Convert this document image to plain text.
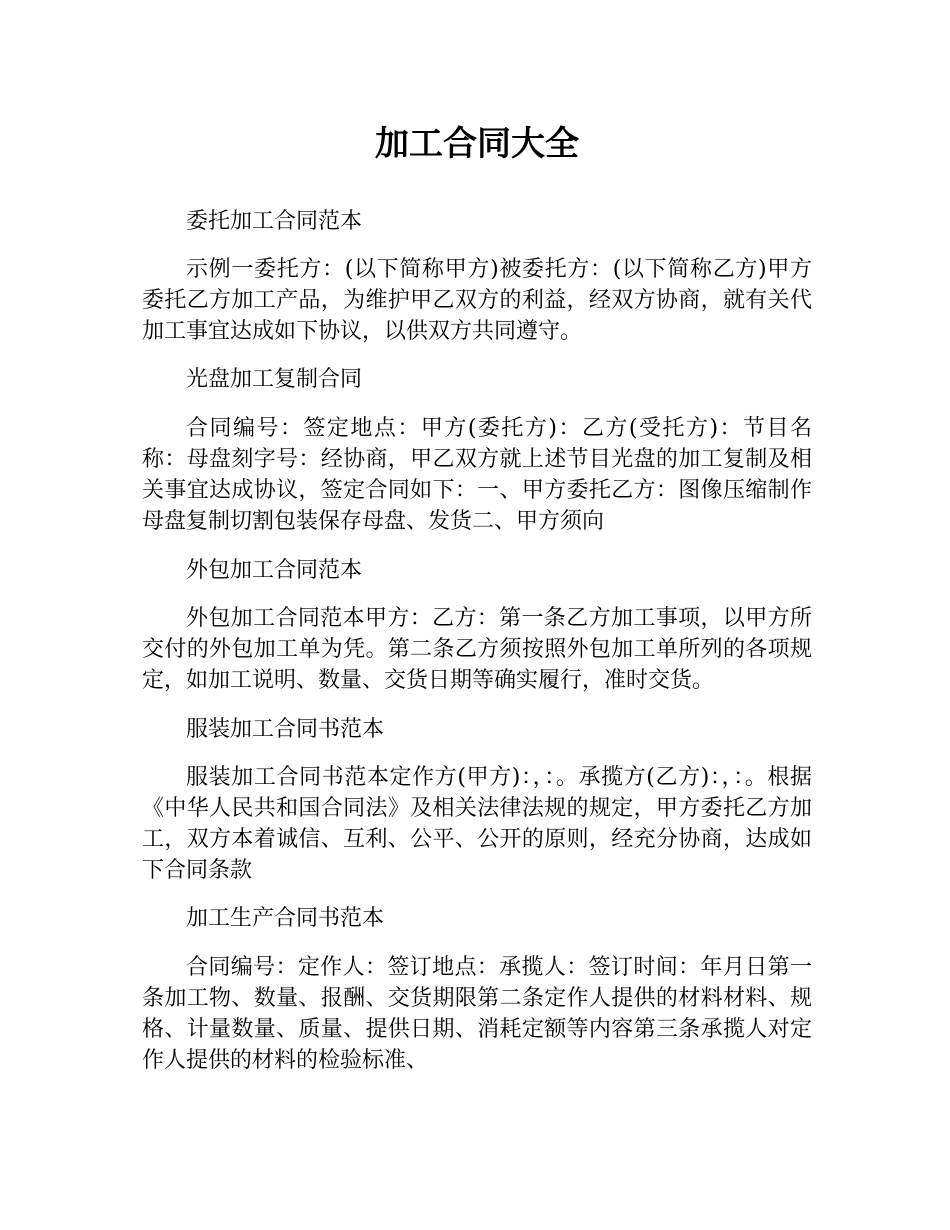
加工合同大全

委托加工合同范本

示例一委托方：(以下简称甲方)被委托方：(以下简称乙方)甲方委托乙方加工产品，为维护甲乙双方的利益，经双方协商，就有关代加工事宜达成如下协议，以供双方共同遵守。

光盘加工复制合同

合同编号：签定地点：甲方(委托方)：乙方(受托方)：节目名称：母盘刻字号：经协商，甲乙双方就上述节目光盘的加工复制及相关事宜达成协议，签定合同如下：一、甲方委托乙方：图像压缩制作母盘复制切割包装保存母盘、发货二、甲方须向

外包加工合同范本

外包加工合同范本甲方：乙方：第一条乙方加工事项，以甲方所交付的外包加工单为凭。第二条乙方须按照外包加工单所列的各项规定，如加工说明、数量、交货日期等确实履行，准时交货。

服装加工合同书范本

服装加工合同书范本定作方(甲方)：，：。承揽方(乙方)：，：。根据《中华人民共和国合同法》及相关法律法规的规定，甲方委托乙方加工，双方本着诚信、互利、公平、公开的原则，经充分协商，达成如下合同条款

加工生产合同书范本

合同编号：定作人：签订地点：承揽人：签订时间：年月日第一条加工物、数量、报酬、交货期限第二条定作人提供的材料材料、规格、计量数量、质量、提供日期、消耗定额等内容第三条承揽人对定作人提供的材料的检验标准、
